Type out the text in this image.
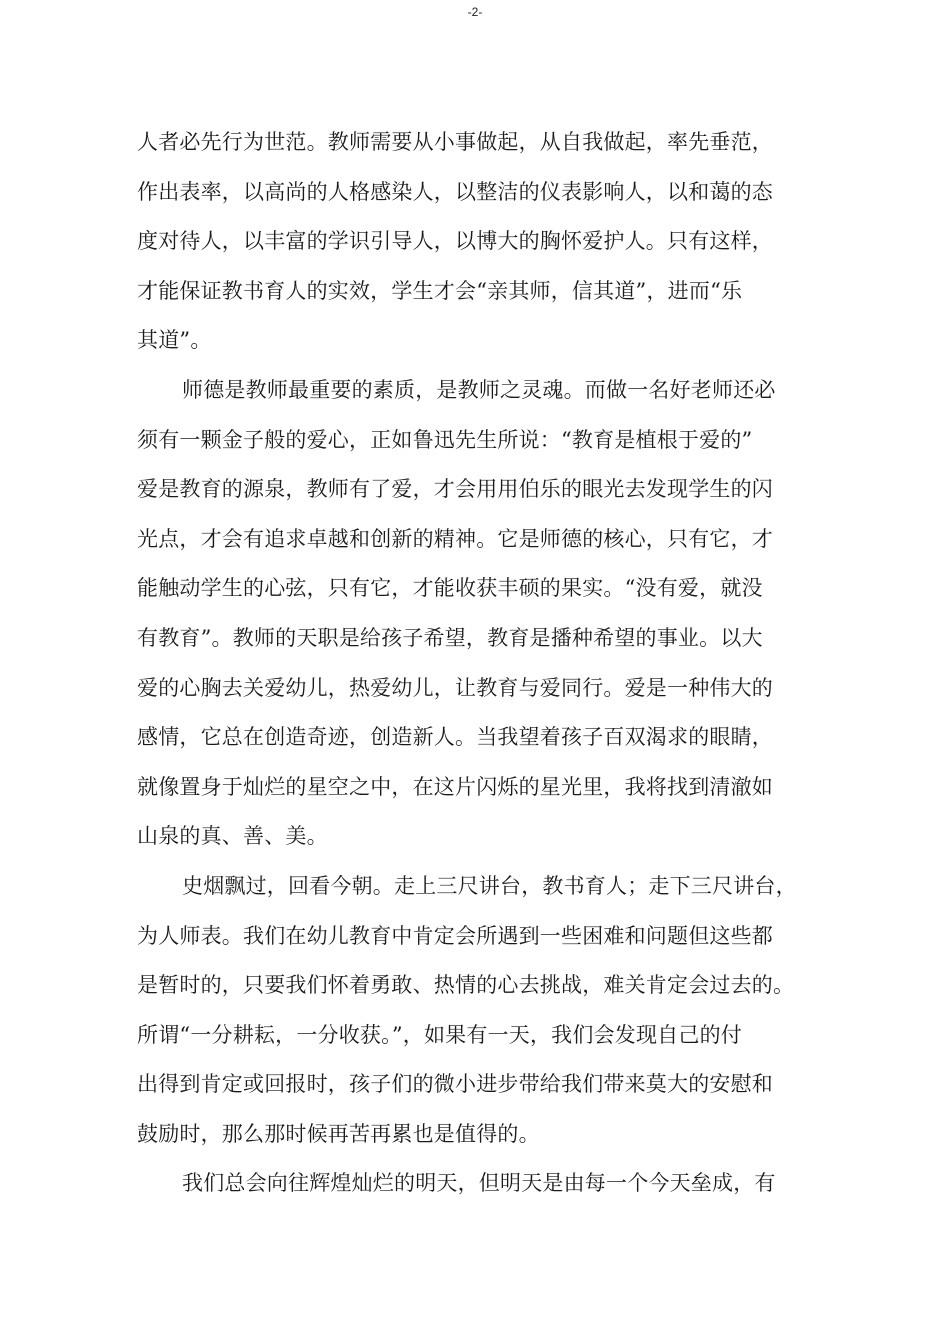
-2-
人者必先行为世范。教师需要从小事做起，从自我做起，率先垂范，
作出表率，以高尚的人格感染人，以整洁的仪表影响人，以和蔼的态
度对待人，以丰富的学识引导人，以博大的胸怀爱护人。只有这样，
才能保证教书育人的实效，学生才会“亲其师，信其道”，进而“乐
其道”。
师德是教师最重要的素质，是教师之灵魂。而做一名好老师还必
须有一颗金子般的爱心，正如鲁迅先生所说：“教育是植根于爱的”
爱是教育的源泉，教师有了爱，才会用用伯乐的眼光去发现学生的闪
光点，才会有追求卓越和创新的精神。它是师德的核心，只有它，才
能触动学生的心弦，只有它，才能收获丰硕的果实。“没有爱，就没
有教育”。教师的天职是给孩子希望，教育是播种希望的事业。以大
爱的心胸去关爱幼儿，热爱幼儿，让教育与爱同行。爱是一种伟大的
感情，它总在创造奇迹，创造新人。当我望着孩子百双渴求的眼睛，
就像置身于灿烂的星空之中，在这片闪烁的星光里，我将找到清澈如
山泉的真、善、美。
史烟飘过，回看今朝。走上三尺讲台，教书育人；走下三尺讲台，
为人师表。我们在幼儿教育中肯定会所遇到一些困难和问题但这些都
是暂时的，只要我们怀着勇敢、热情的心去挑战，难关肯定会过去的。
所谓“一分耕耘，一分收获。”，如果有一天，我们会发现自己的付
出得到肯定或回报时，孩子们的微小进步带给我们带来莫大的安慰和
鼓励时，那么那时候再苦再累也是值得的。
我们总会向往辉煌灿烂的明天，但明天是由每一个今天垒成，有
